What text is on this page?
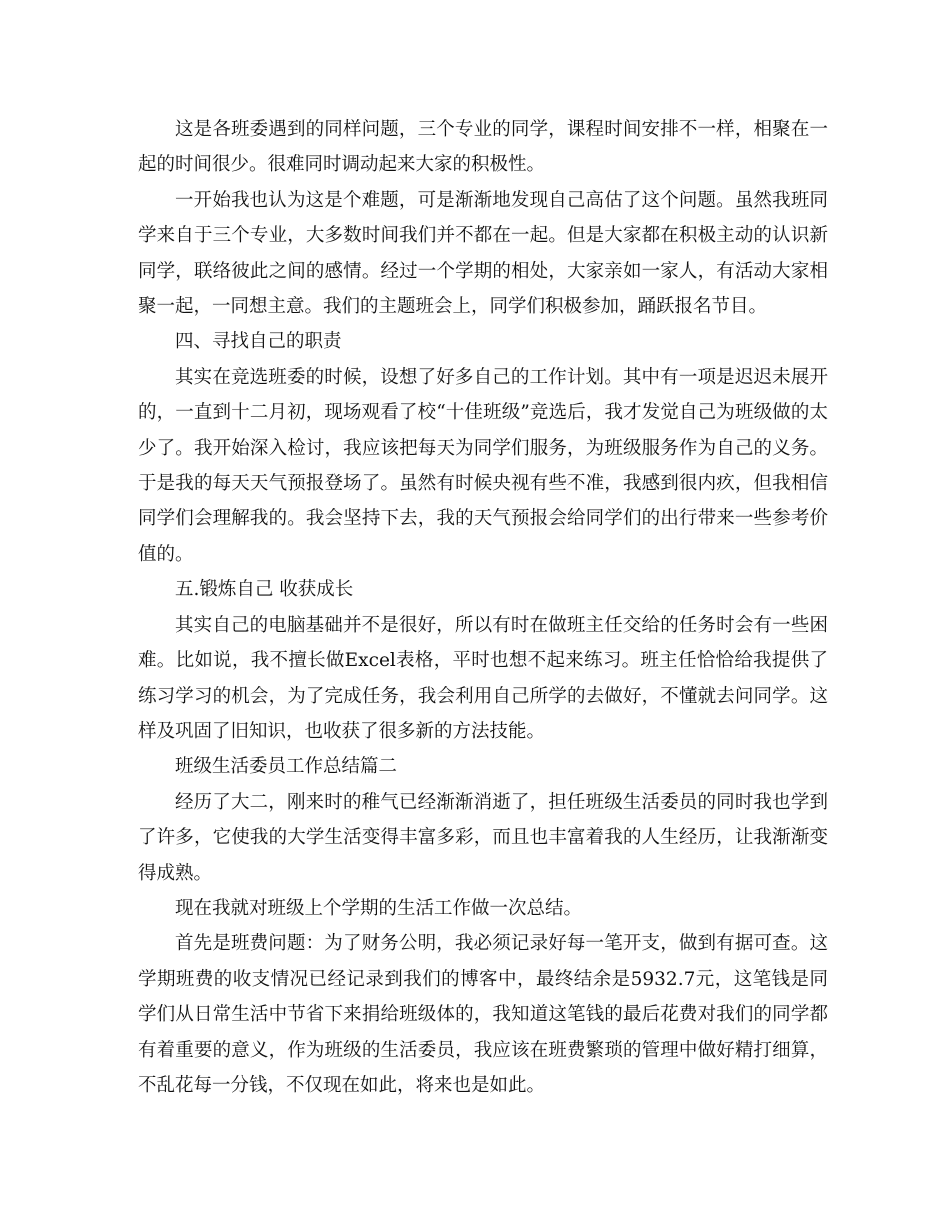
这是各班委遇到的同样问题，三个专业的同学，课程时间安排不一样，相聚在一起的时间很少。很难同时调动起来大家的积极性。

一开始我也认为这是个难题，可是渐渐地发现自己高估了这个问题。虽然我班同学来自于三个专业，大多数时间我们并不都在一起。但是大家都在积极主动的认识新同学，联络彼此之间的感情。经过一个学期的相处，大家亲如一家人，有活动大家相聚一起，一同想主意。我们的主题班会上，同学们积极参加，踊跃报名节目。

四、寻找自己的职责

其实在竞选班委的时候，设想了好多自己的工作计划。其中有一项是迟迟未展开的，一直到十二月初，现场观看了校“十佳班级”竞选后，我才发觉自己为班级做的太少了。我开始深入检讨，我应该把每天为同学们服务，为班级服务作为自己的义务。于是我的每天天气预报登场了。虽然有时候央视有些不准，我感到很内疚，但我相信同学们会理解我的。我会坚持下去，我的天气预报会给同学们的出行带来一些参考价值的。

五.锻炼自己 收获成长

其实自己的电脑基础并不是很好，所以有时在做班主任交给的任务时会有一些困难。比如说，我不擅长做Excel表格，平时也想不起来练习。班主任恰恰给我提供了练习学习的机会，为了完成任务，我会利用自己所学的去做好，不懂就去问同学。这样及巩固了旧知识，也收获了很多新的方法技能。

班级生活委员工作总结篇二

经历了大二，刚来时的稚气已经渐渐消逝了，担任班级生活委员的同时我也学到了许多，它使我的大学生活变得丰富多彩，而且也丰富着我的人生经历，让我渐渐变得成熟。

现在我就对班级上个学期的生活工作做一次总结。

首先是班费问题：为了财务公明，我必须记录好每一笔开支，做到有据可查。这学期班费的收支情况已经记录到我们的博客中，最终结余是5932.7元，这笔钱是同学们从日常生活中节省下来捐给班级体的，我知道这笔钱的最后花费对我们的同学都有着重要的意义，作为班级的生活委员，我应该在班费繁琐的管理中做好精打细算，不乱花每一分钱，不仅现在如此，将来也是如此。
